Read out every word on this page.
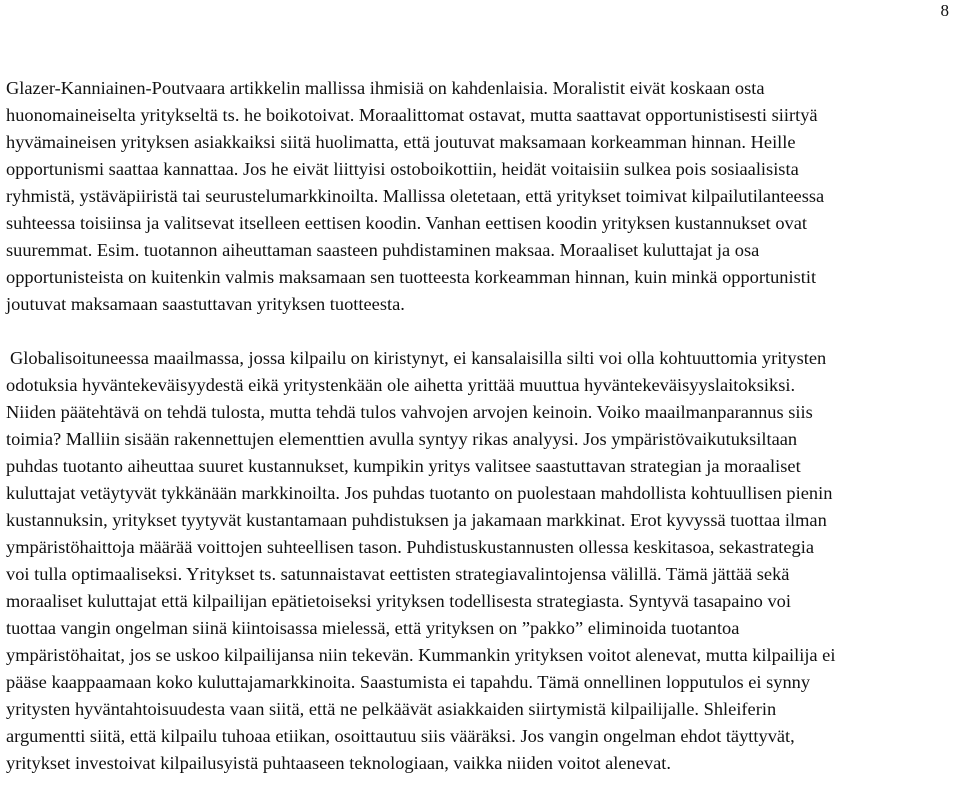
8
Glazer-Kanniainen-Poutvaara artikkelin mallissa ihmisiä on kahdenlaisia. Moralistit eivät koskaan osta
huonomaineiselta yritykseltä ts. he boikotoivat. Moraalittomat ostavat, mutta saattavat opportunistisesti siirtyä
hyvämaineisen yrityksen asiakkaiksi siitä huolimatta, että joutuvat maksamaan korkeamman hinnan. Heille
opportunismi saattaa kannattaa. Jos he eivät liittyisi ostoboikottiin, heidät voitaisiin sulkea pois sosiaalisista
ryhmistä, ystäväpiiristä tai seurustelumarkkinoilta. Mallissa oletetaan, että yritykset toimivat kilpailutilanteessa
suhteessa toisiinsa ja valitsevat itselleen eettisen koodin. Vanhan eettisen koodin yrityksen kustannukset ovat
suuremmat. Esim. tuotannon aiheuttaman saasteen puhdistaminen maksaa. Moraaliset kuluttajat ja osa
opportunisteista on kuitenkin valmis maksamaan sen tuotteesta korkeamman hinnan, kuin minkä opportunistit
joutuvat maksamaan saastuttavan yrityksen tuotteesta.
Globalisoituneessa maailmassa, jossa kilpailu on kiristynyt, ei kansalaisilla silti voi olla kohtuuttomia yritysten
odotuksia hyväntekeväisyydestä eikä yritystenkään ole aihetta yrittää muuttua hyväntekeväisyyslaitoksiksi.
Niiden päätehtävä on tehdä tulosta, mutta tehdä tulos vahvojen arvojen keinoin. Voiko maailmanparannus siis
toimia? Malliin sisään rakennettujen elementtien avulla syntyy rikas analyysi. Jos ympäristövaikutuksiltaan
puhdas tuotanto aiheuttaa suuret kustannukset, kumpikin yritys valitsee saastuttavan strategian ja moraaliset
kuluttajat vetäytyvät tykkänään markkinoilta. Jos puhdas tuotanto on puolestaan mahdollista kohtuullisen pienin
kustannuksin, yritykset tyytyvät kustantamaan puhdistuksen ja jakamaan markkinat. Erot kyvyssä tuottaa ilman
ympäristöhaittoja määrää voittojen suhteellisen tason. Puhdistuskustannusten ollessa keskitasoa, sekastrategia
voi tulla optimaaliseksi. Yritykset ts. satunnaistavat eettisten strategiavalintojensa välillä. Tämä jättää sekä
moraaliset kuluttajat että kilpailijan epätietoiseksi yrityksen todellisesta strategiasta. Syntyvä tasapaino voi
tuottaa vangin ongelman siinä kiintoisassa mielessä, että yrityksen on ”pakko” eliminoida tuotantoa
ympäristöhaitat, jos se uskoo kilpailijansa niin tekevän. Kummankin yrityksen voitot alenevat, mutta kilpailija ei
pääse kaappaamaan koko kuluttajamarkkinoita. Saastumista ei tapahdu. Tämä onnellinen lopputulos ei synny
yritysten hyväntahtoisuudesta vaan siitä, että ne pelkäävät asiakkaiden siirtymistä kilpailijalle. Shleiferin
argumentti siitä, että kilpailu tuhoaa etiikan, osoittautuu siis vääräksi. Jos vangin ongelman ehdot täyttyvät,
yritykset investoivat kilpailusyistä puhtaaseen teknologiaan, vaikka niiden voitot alenevat.
